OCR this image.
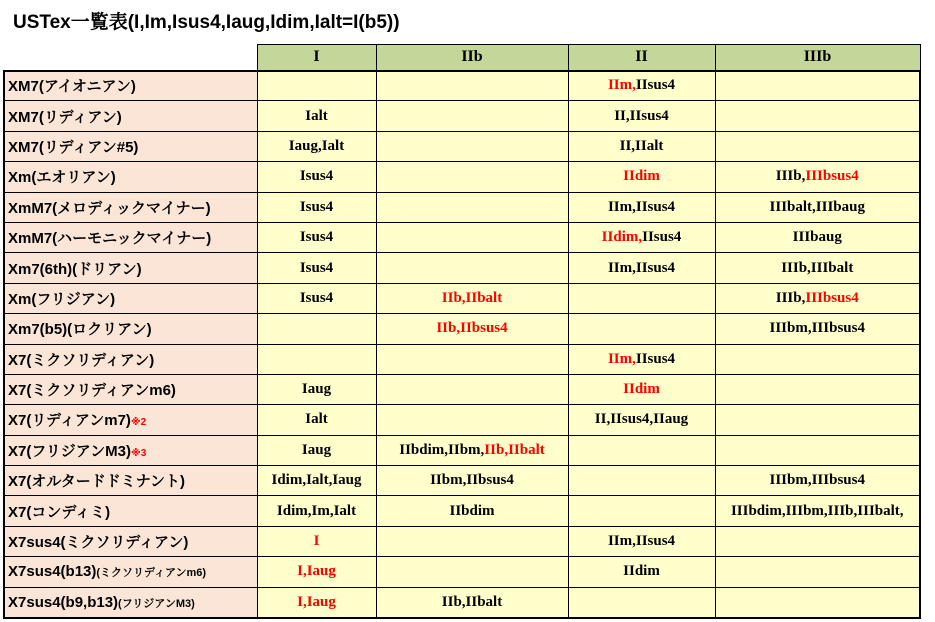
USTex一覧表(I,Im,Isus4,Iaug,Idim,Ialt=I(b5))
	I	IIb	II	IIIb
XM7(アイオニアン)			IIm,IIsus4	
XM7(リディアン)	Ialt		II,IIsus4	
XM7(リディアン#5)	Iaug,Ialt		II,IIalt	
Xm(エオリアン)	Isus4		IIdim	IIIb,IIIbsus4
XmM7(メロディックマイナー)	Isus4		IIm,IIsus4	IIIbalt,IIIbaug
XmM7(ハーモニックマイナー)	Isus4		IIdim,IIsus4	IIIbaug
Xm7(6th)(ドリアン)	Isus4		IIm,IIsus4	IIIb,IIIbalt
Xm(フリジアン)	Isus4	IIb,IIbalt		IIIb,IIIbsus4
Xm7(b5)(ロクリアン)		IIb,IIbsus4		IIIbm,IIIbsus4
X7(ミクソリディアン)			IIm,IIsus4	
X7(ミクソリディアンm6)	Iaug		IIdim	
X7(リディアンm7)※2	Ialt		II,IIsus4,IIaug	
X7(フリジアンM3)※3	Iaug	IIbdim,IIbm,IIb,IIbalt		
X7(オルタードドミナント)	Idim,Ialt,Iaug	IIbm,IIbsus4		IIIbm,IIIbsus4
X7(コンディミ)	Idim,Im,Ialt	IIbdim		IIIbdim,IIIbm,IIIb,IIIbalt,
X7sus4(ミクソリディアン)	I		IIm,IIsus4	
X7sus4(b13)(ミクソリディアンm6)	I,Iaug		IIdim	
X7sus4(b9,b13)(フリジアンM3)	I,Iaug	IIb,IIbalt		
